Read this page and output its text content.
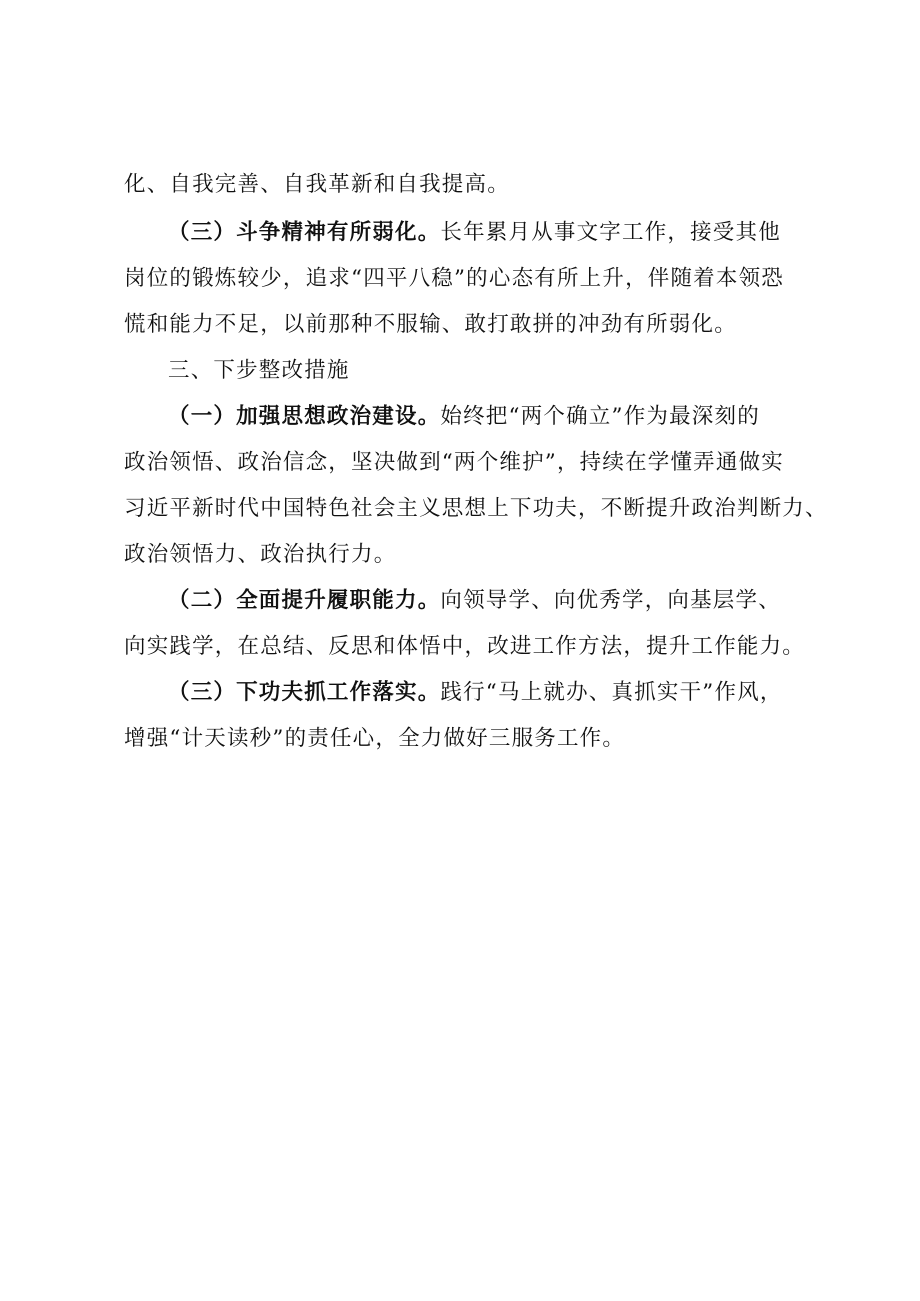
化、自我完善、自我革新和自我提高。
（三）斗争精神有所弱化。长年累月从事文字工作，接受其他
岗位的锻炼较少，追求“四平八稳”的心态有所上升，伴随着本领恐
慌和能力不足，以前那种不服输、敢打敢拼的冲劲有所弱化。
三、下步整改措施
（一）加强思想政治建设。始终把“两个确立”作为最深刻的
政治领悟、政治信念，坚决做到“两个维护”，持续在学懂弄通做实
习近平新时代中国特色社会主义思想上下功夫，不断提升政治判断力、
政治领悟力、政治执行力。
（二）全面提升履职能力。向领导学、向优秀学，向基层学、
向实践学，在总结、反思和体悟中，改进工作方法，提升工作能力。
（三）下功夫抓工作落实。践行“马上就办、真抓实干”作风，
增强“计天读秒”的责任心，全力做好三服务工作。
